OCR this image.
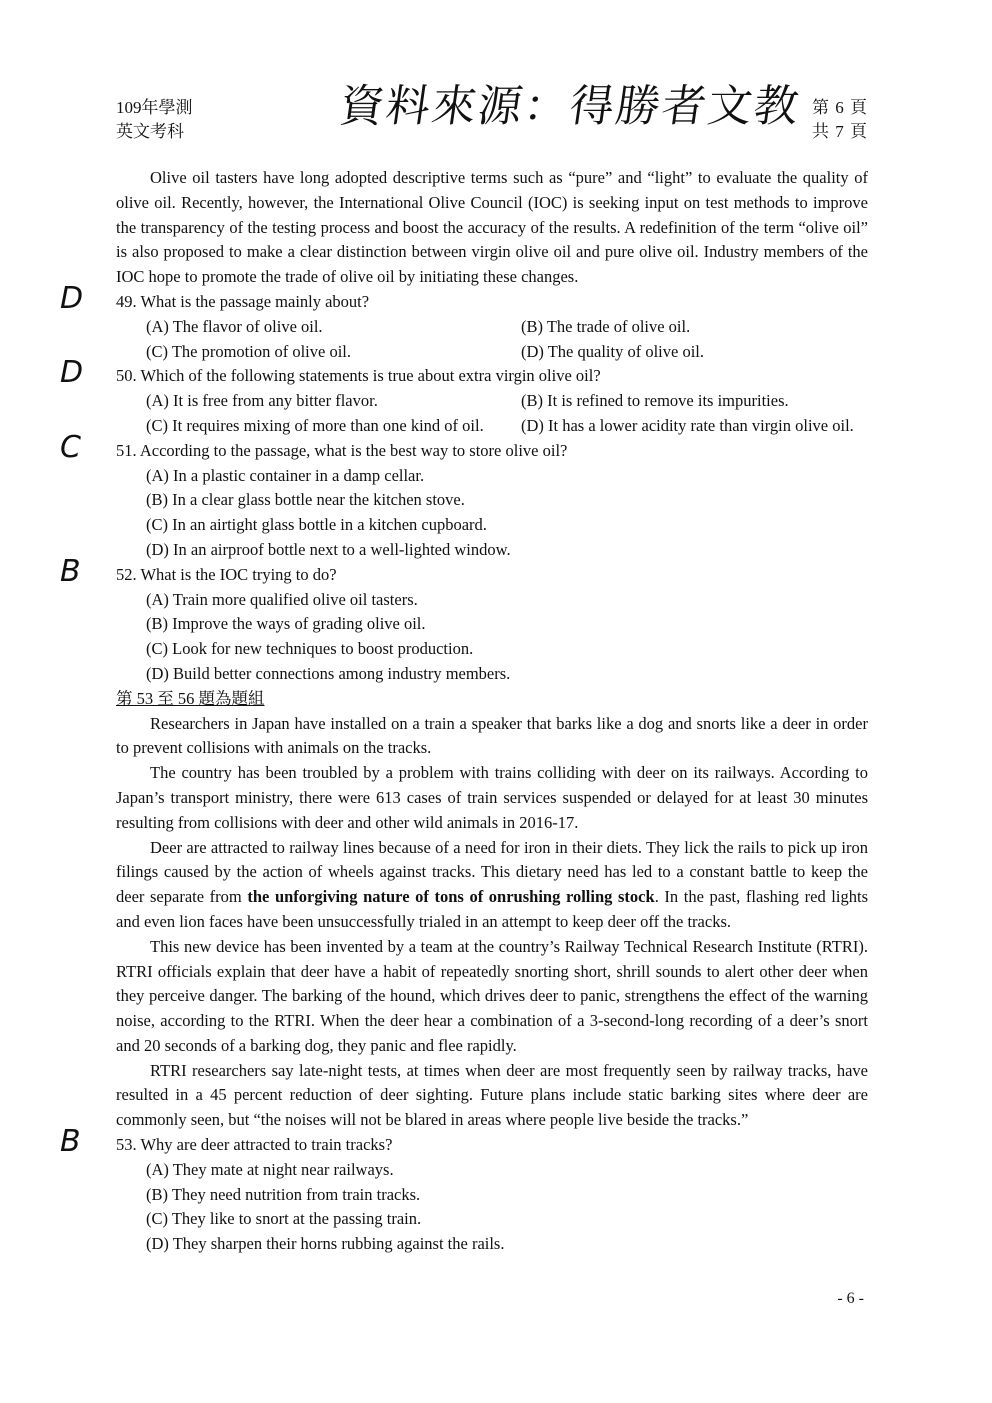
109年學測
英文考科	資料來源：得勝者文教 第 6 頁
共 7 頁

Olive oil tasters have long adopted descriptive terms such as “pure” and “light” to evaluate the quality of olive oil. Recently, however, the International Olive Council (IOC) is seeking input on test methods to improve the transparency of the testing process and boost the accuracy of the results. A redefinition of the term “olive oil” is also proposed to make a clear distinction between virgin olive oil and pure olive oil. Industry members of the IOC hope to promote the trade of olive oil by initiating these changes.

D 49. What is the passage mainly about?
(A) The flavor of olive oil.	(B) The trade of olive oil.
(C) The promotion of olive oil.	(D) The quality of olive oil.
D 50. Which of the following statements is true about extra virgin olive oil?
(A) It is free from any bitter flavor.	(B) It is refined to remove its impurities.
(C) It requires mixing of more than one kind of oil.	(D) It has a lower acidity rate than virgin olive oil.
C 51. According to the passage, what is the best way to store olive oil?
(A) In a plastic container in a damp cellar.
(B) In a clear glass bottle near the kitchen stove.
(C) In an airtight glass bottle in a kitchen cupboard.
(D) In an airproof bottle next to a well-lighted window.
B 52. What is the IOC trying to do?
(A) Train more qualified olive oil tasters.
(B) Improve the ways of grading olive oil.
(C) Look for new techniques to boost production.
(D) Build better connections among industry members.

第 53 至 56 題為題組

Researchers in Japan have installed on a train a speaker that barks like a dog and snorts like a deer in order to prevent collisions with animals on the tracks.

The country has been troubled by a problem with trains colliding with deer on its railways. According to Japan’s transport ministry, there were 613 cases of train services suspended or delayed for at least 30 minutes resulting from collisions with deer and other wild animals in 2016-17.

Deer are attracted to railway lines because of a need for iron in their diets. They lick the rails to pick up iron filings caused by the action of wheels against tracks. This dietary need has led to a constant battle to keep the deer separate from the unforgiving nature of tons of onrushing rolling stock. In the past, flashing red lights and even lion faces have been unsuccessfully trialed in an attempt to keep deer off the tracks.

This new device has been invented by a team at the country’s Railway Technical Research Institute (RTRI). RTRI officials explain that deer have a habit of repeatedly snorting short, shrill sounds to alert other deer when they perceive danger. The barking of the hound, which drives deer to panic, strengthens the effect of the warning noise, according to the RTRI. When the deer hear a combination of a 3-second-long recording of a deer’s snort and 20 seconds of a barking dog, they panic and flee rapidly.

RTRI researchers say late-night tests, at times when deer are most frequently seen by railway tracks, have resulted in a 45 percent reduction of deer sighting. Future plans include static barking sites where deer are commonly seen, but “the noises will not be blared in areas where people live beside the tracks.”

B 53. Why are deer attracted to train tracks?
(A) They mate at night near railways.
(B) They need nutrition from train tracks.
(C) They like to snort at the passing train.
(D) They sharpen their horns rubbing against the rails.
- 6 -
